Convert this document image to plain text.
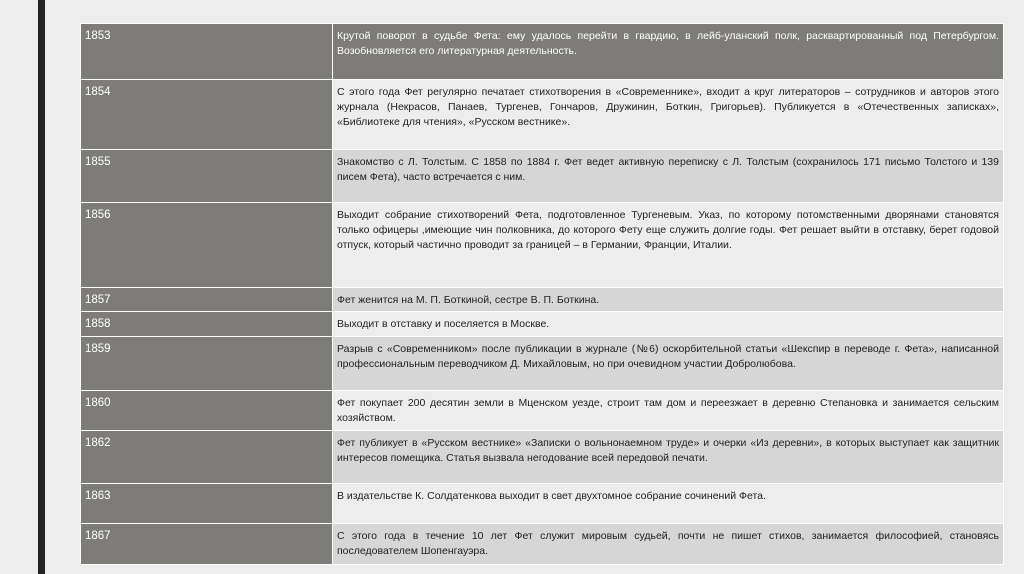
1853	Крутой поворот в судьбе Фета: ему удалось перейти в гвардию, в лейб-уланский полк, расквартированный под Петербургом. Возобновляется его литературная деятельность.
1854	С этого года Фет регулярно печатает стихотворения в «Современнике», входит а круг литераторов – сотрудников и авторов этого журнала (Некрасов, Панаев, Тургенев, Гончаров, Дружинин, Боткин, Григорьев). Публикуется в «Отечественных записках», «Библиотеке для чтения», «Русском вестнике».
1855	Знакомство с Л. Толстым. С 1858 по 1884 г. Фет ведет активную переписку с Л. Толстым (сохранилось 171 письмо Толстого и 139 писем Фета), часто встречается с ним.
1856	Выходит собрание стихотворений Фета, подготовленное Тургеневым. Указ, по которому потомственными дворянами становятся только офицеры ,имеющие чин полковника, до которого Фету еще служить долгие годы. Фет решает выйти в отставку, берет годовой отпуск, который частично проводит за границей – в Германии, Франции, Италии.
1857	Фет женится на М. П. Боткиной, сестре В. П. Боткина.
1858	Выходит в отставку и поселяется в Москве.
1859	Разрыв с «Современником» после публикации в журнале (№6) оскорбительной статьи «Шекспир в переводе г. Фета», написанной профессиональным переводчиком Д. Михайловым, но при очевидном участии Добролюбова.
1860	Фет покупает 200 десятин земли в Мценском уезде, строит там дом и переезжает в деревню Степановка и занимается сельским хозяйством.
1862	Фет публикует в «Русском вестнике» «Записки о вольнонаемном труде» и очерки «Из деревни», в которых выступает как защитник интересов помещика. Статья вызвала негодование всей передовой печати.
1863	В издательстве К. Солдатенкова выходит в свет двухтомное собрание сочинений Фета.
1867	С этого года в течение 10 лет Фет служит мировым судьей, почти не пишет стихов, занимается философией, становясь последователем Шопенгауэра.
